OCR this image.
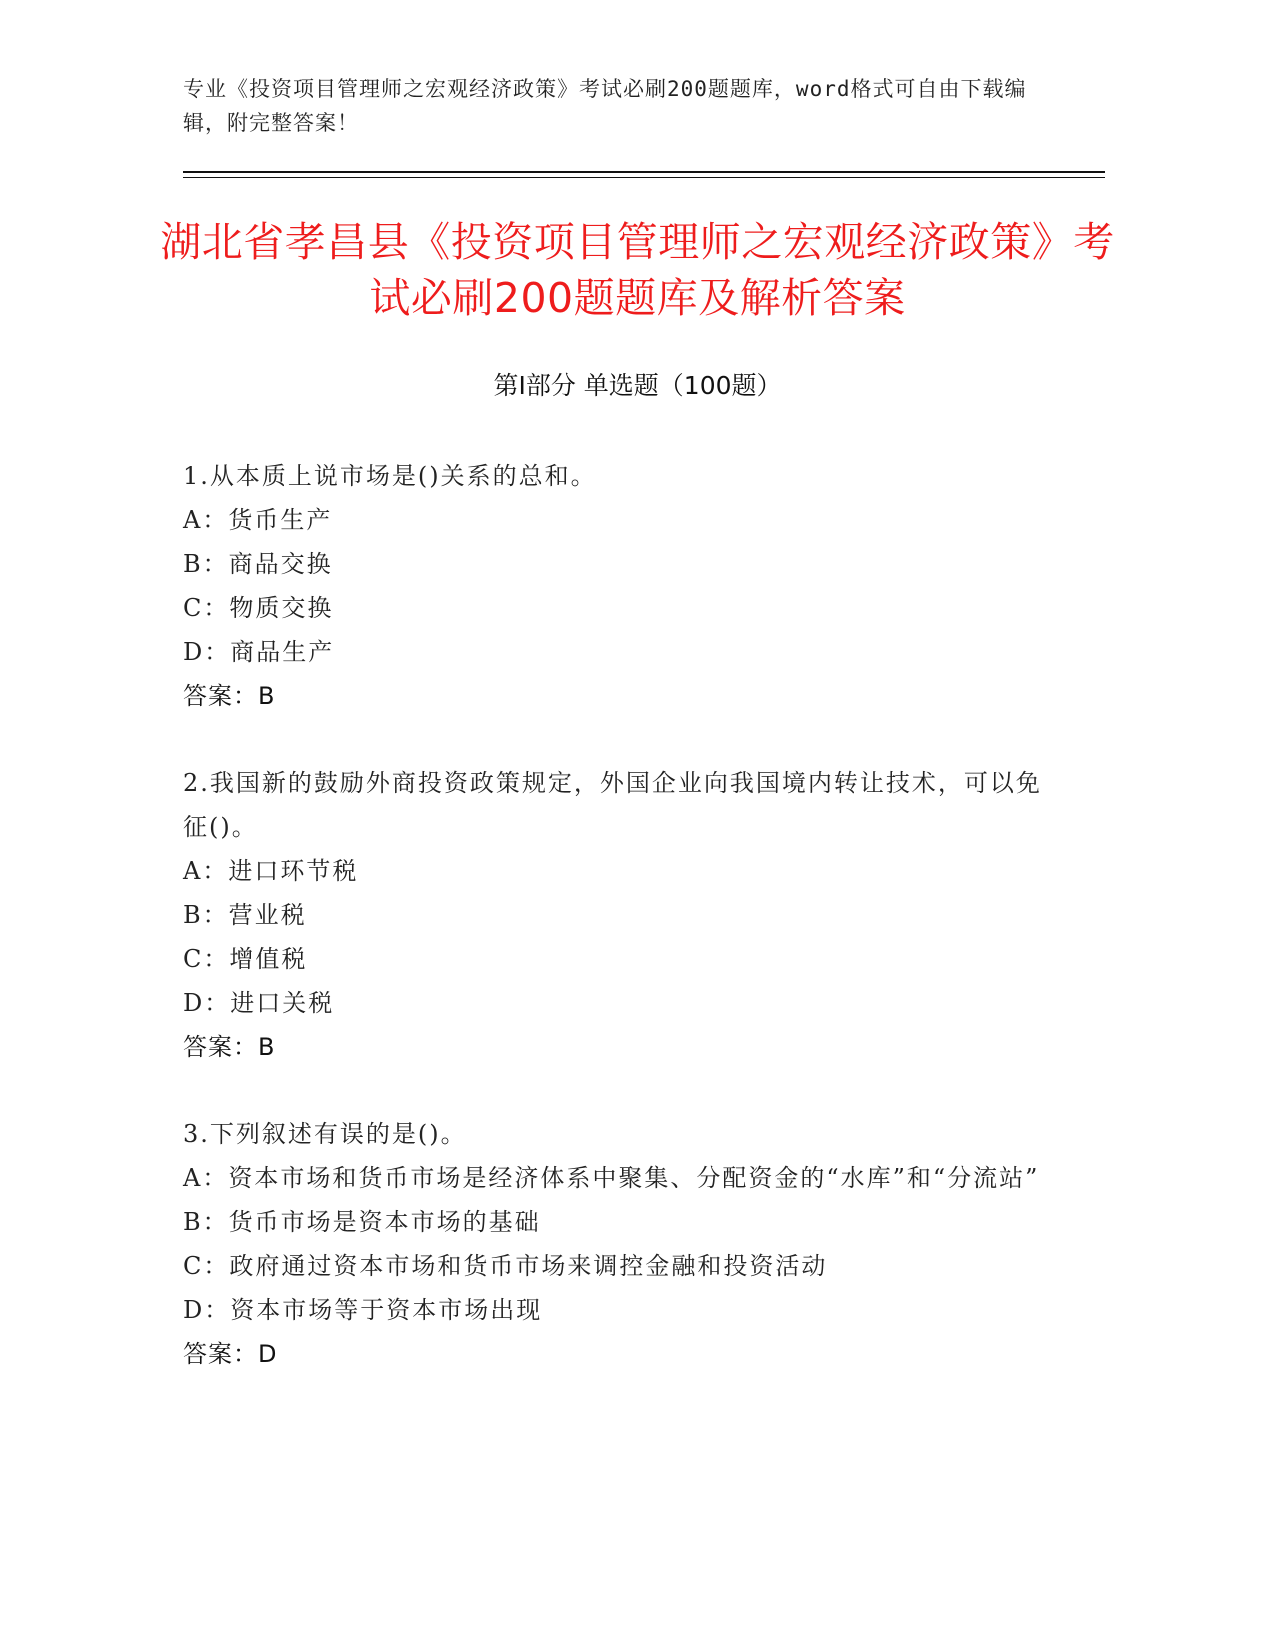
专业《投资项目管理师之宏观经济政策》考试必刷200题题库，word格式可自由下载编辑，附完整答案！
湖北省孝昌县《投资项目管理师之宏观经济政策》考试必刷200题题库及解析答案
第I部分 单选题（100题）

1.从本质上说市场是()关系的总和。

A：货币生产

B：商品交换

C：物质交换

D：商品生产

答案：B

2.我国新的鼓励外商投资政策规定，外国企业向我国境内转让技术，可以免征()。

A：进口环节税

B：营业税

C：增值税

D：进口关税

答案：B

3.下列叙述有误的是()。

A：资本市场和货币市场是经济体系中聚集、分配资金的“水库”和“分流站”

B：货币市场是资本市场的基础

C：政府通过资本市场和货币市场来调控金融和投资活动

D：资本市场等于资本市场出现

答案：D
